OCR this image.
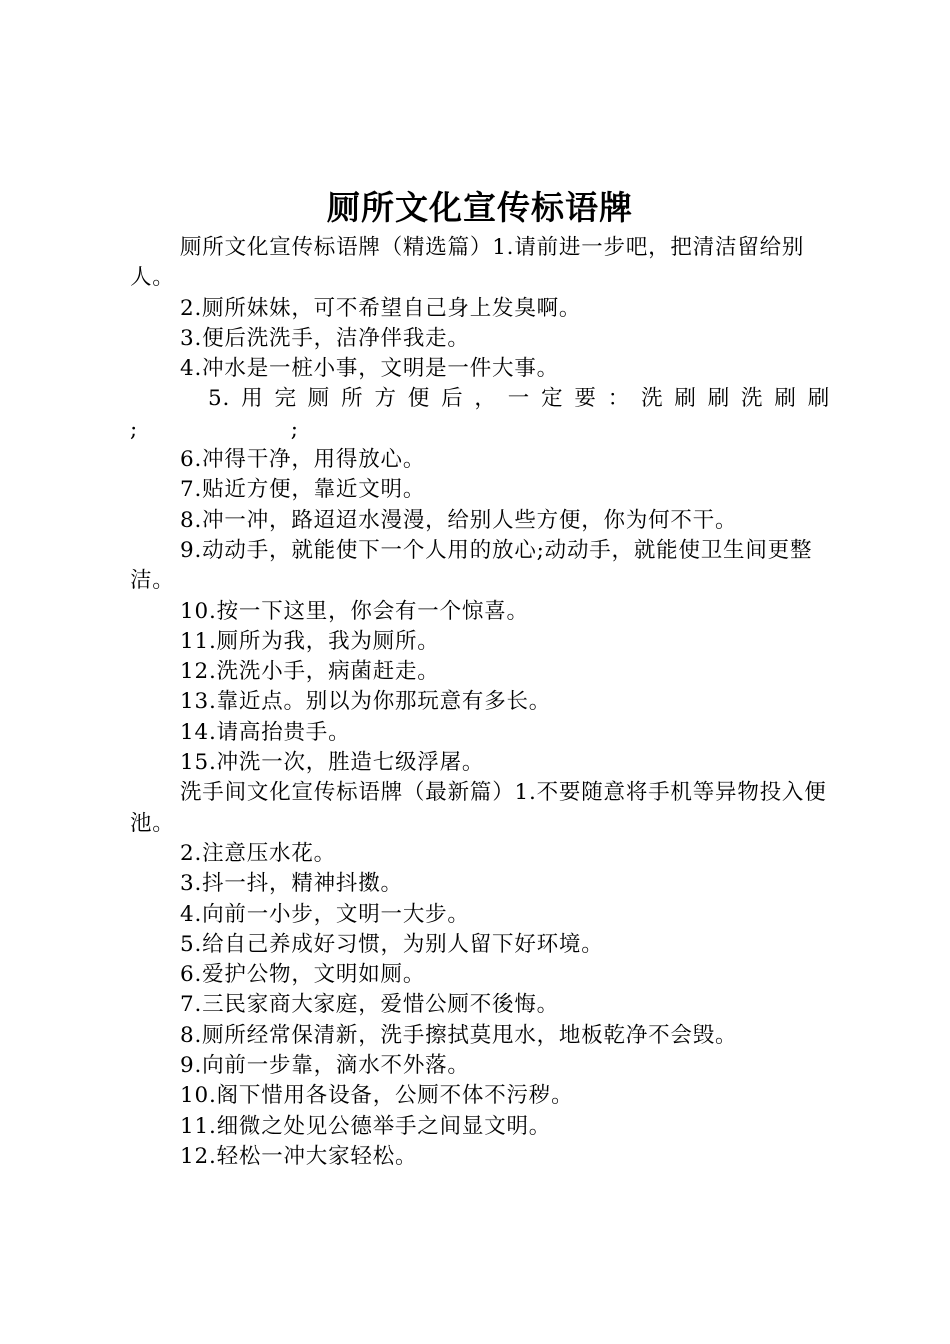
厕所文化宣传标语牌

厕所文化宣传标语牌（精选篇）1.请前进一步吧，把清洁留给别人。

2.厕所妹妹，可不希望自己身上发臭啊。

3.便后洗洗手，洁净伴我走。

4.冲水是一桩小事，文明是一件大事。

5.用完厕所方便后，一定要：洗刷刷洗刷刷

;                    ;

6.冲得干净，用得放心。

7.贴近方便，靠近文明。

8.冲一冲，路迢迢水漫漫，给别人些方便，你为何不干。

9.动动手，就能使下一个人用的放心;动动手，就能使卫生间更整洁。

10.按一下这里，你会有一个惊喜。

11.厕所为我，我为厕所。

12.洗洗小手，病菌赶走。

13.靠近点。别以为你那玩意有多长。

14.请高抬贵手。

15.冲洗一次，胜造七级浮屠。

洗手间文化宣传标语牌（最新篇）1.不要随意将手机等异物投入便池。

2.注意压水花。

3.抖一抖，精神抖擞。

4.向前一小步，文明一大步。

5.给自己养成好习惯，为别人留下好环境。

6.爱护公物，文明如厕。

7.三民家商大家庭，爱惜公厕不後悔。

8.厕所经常保清新，洗手擦拭莫甩水，地板乾净不会毁。

9.向前一步靠，滴水不外落。

10.阁下惜用各设备，公厕不体不污秽。

11.细微之处见公德举手之间显文明。

12.轻松一冲大家轻松。
